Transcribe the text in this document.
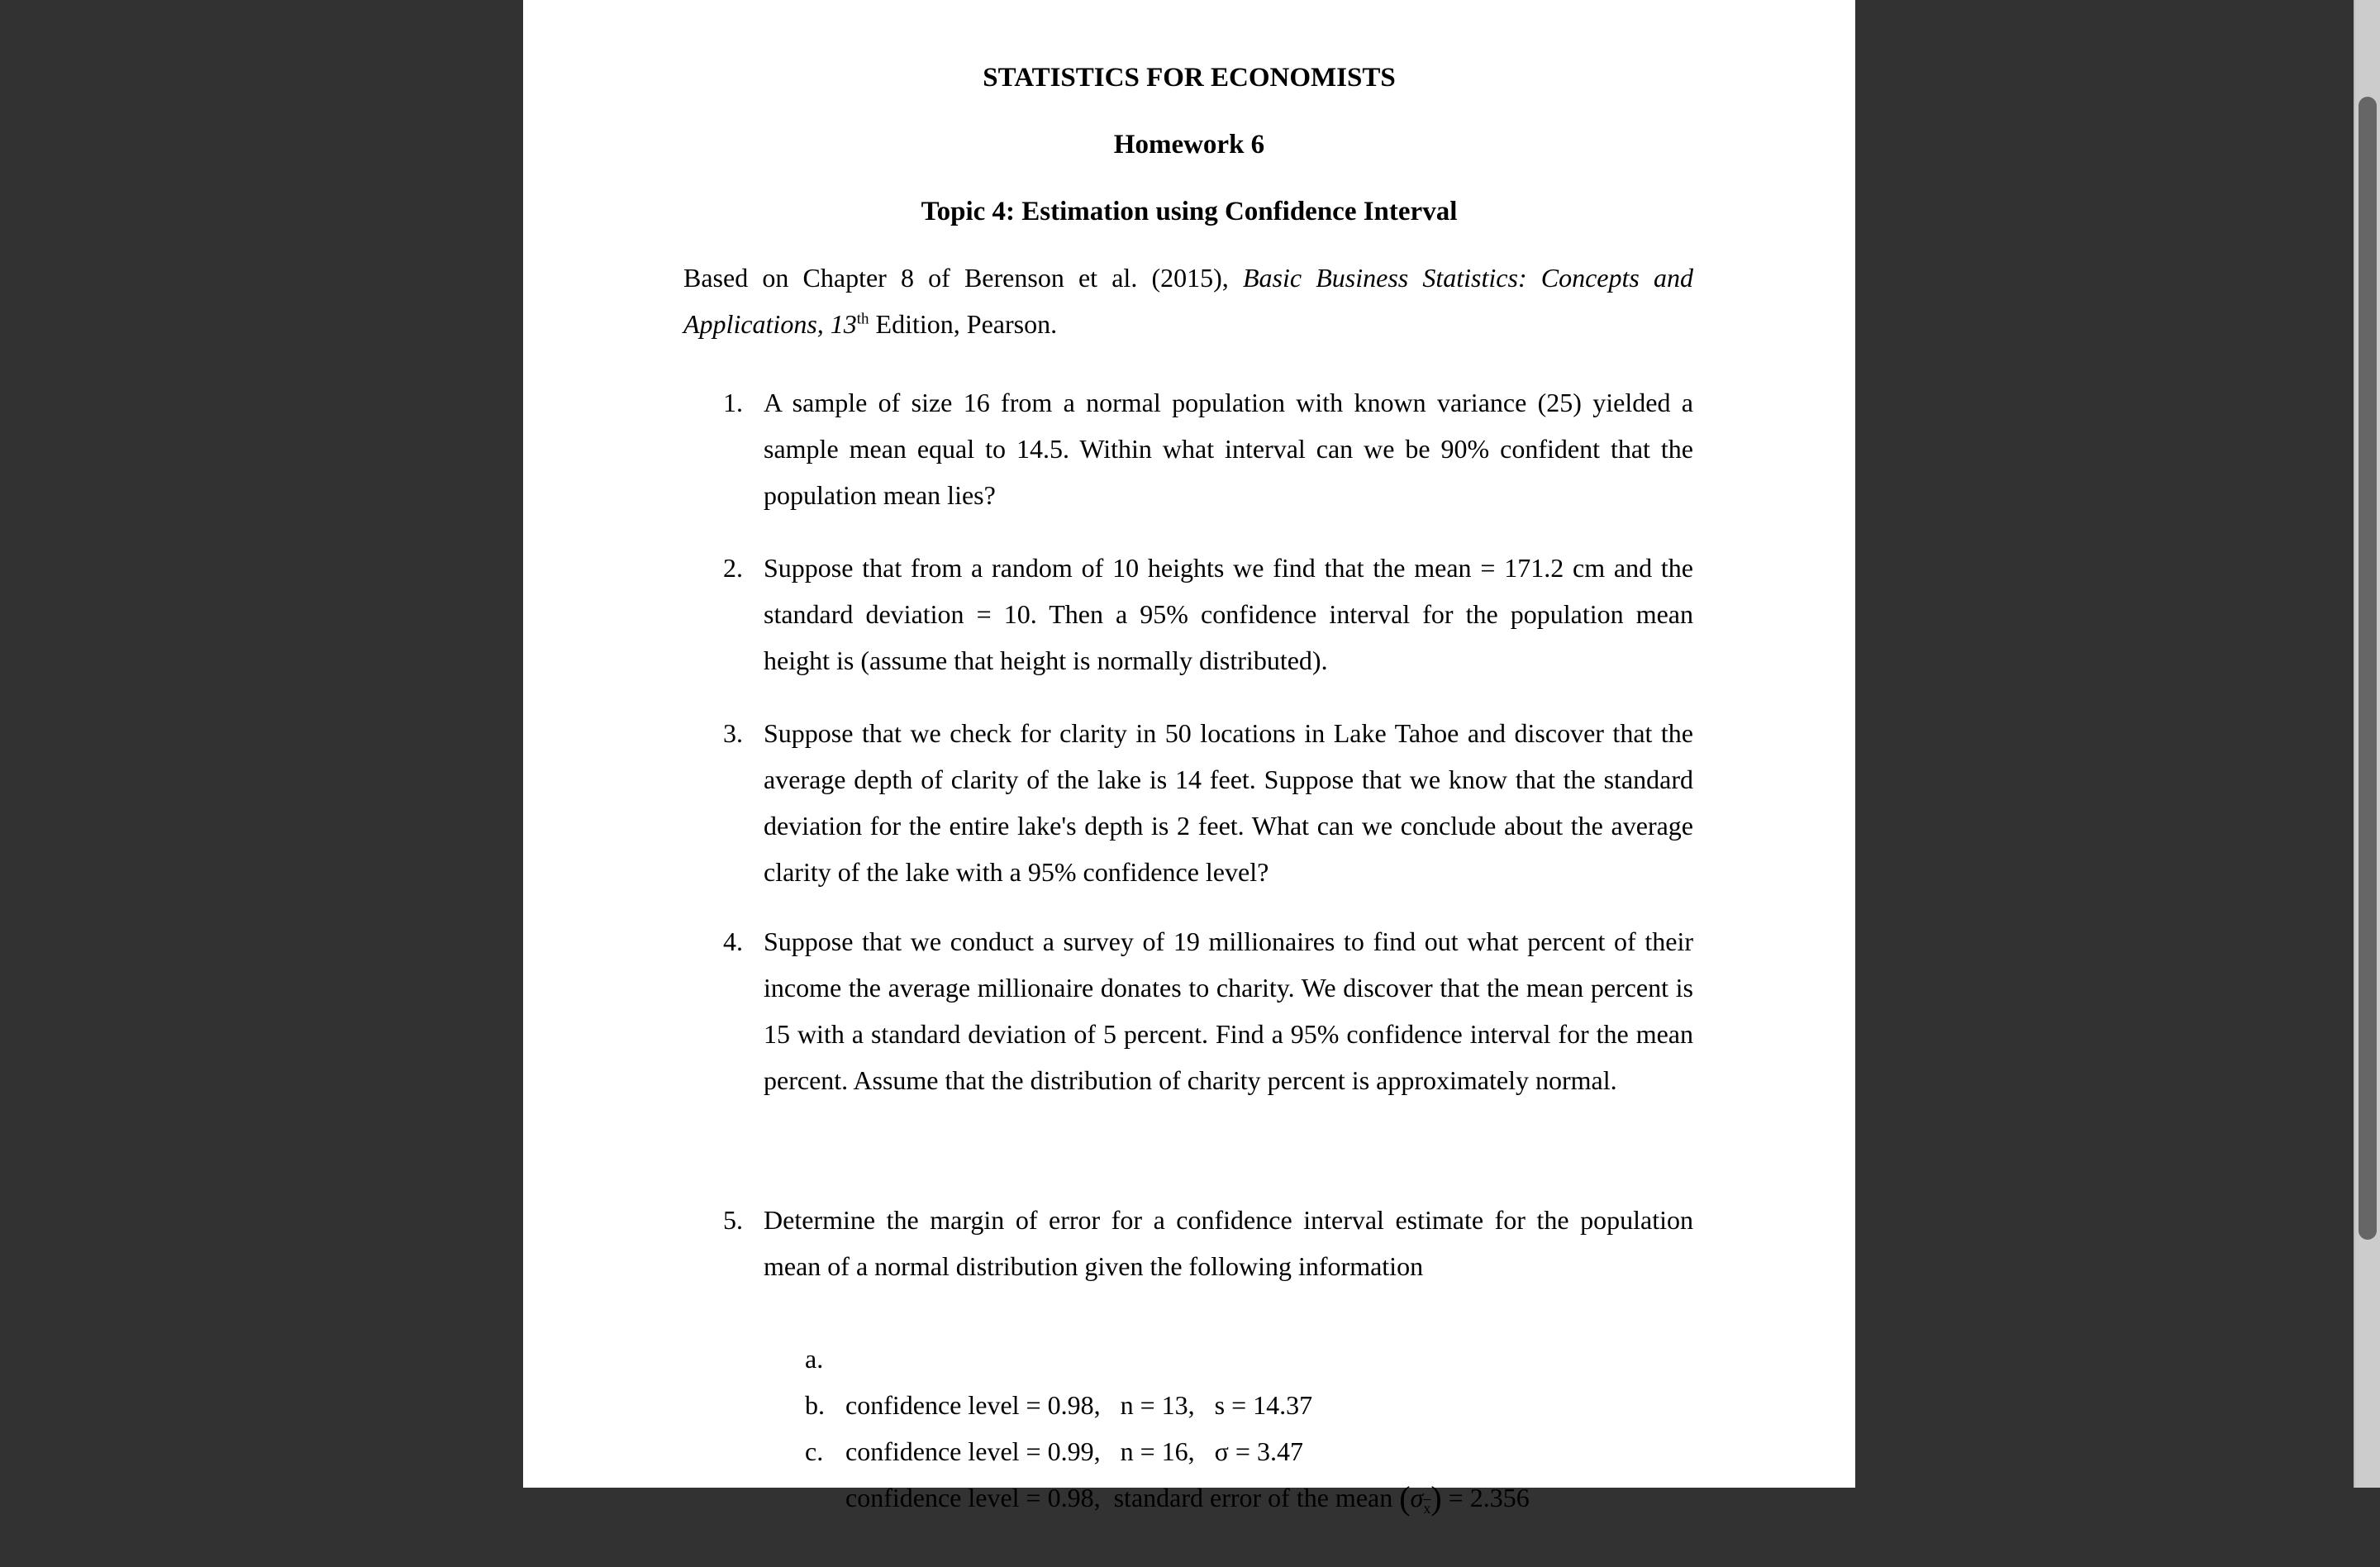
STATISTICS FOR ECONOMISTS
Homework 6
Topic 4: Estimation using Confidence Interval
Based on Chapter 8 of Berenson et al. (2015), Basic Business Statistics: Concepts and Applications, 13th Edition, Pearson.
1. A sample of size 16 from a normal population with known variance (25) yielded a sample mean equal to 14.5. Within what interval can we be 90% confident that the population mean lies?
2. Suppose that from a random of 10 heights we find that the mean = 171.2 cm and the standard deviation = 10. Then a 95% confidence interval for the population mean height is (assume that height is normally distributed).
3. Suppose that we check for clarity in 50 locations in Lake Tahoe and discover that the average depth of clarity of the lake is 14 feet. Suppose that we know that the standard deviation for the entire lake's depth is 2 feet. What can we conclude about the average clarity of the lake with a 95% confidence level?
4. Suppose that we conduct a survey of 19 millionaires to find out what percent of their income the average millionaire donates to charity. We discover that the mean percent is 15 with a standard deviation of 5 percent. Find a 95% confidence interval for the mean percent. Assume that the distribution of charity percent is approximately normal.
5. Determine the margin of error for a confidence interval estimate for the population mean of a normal distribution given the following information

a.

confidence level = 0.98,   n = 13,   s = 14.37

b.

confidence level = 0.99,   n = 16,   σ = 3.47

c.

confidence level = 0.98,  standard error of the mean $(\sigma_{\overline{x}}) = 2.356$
